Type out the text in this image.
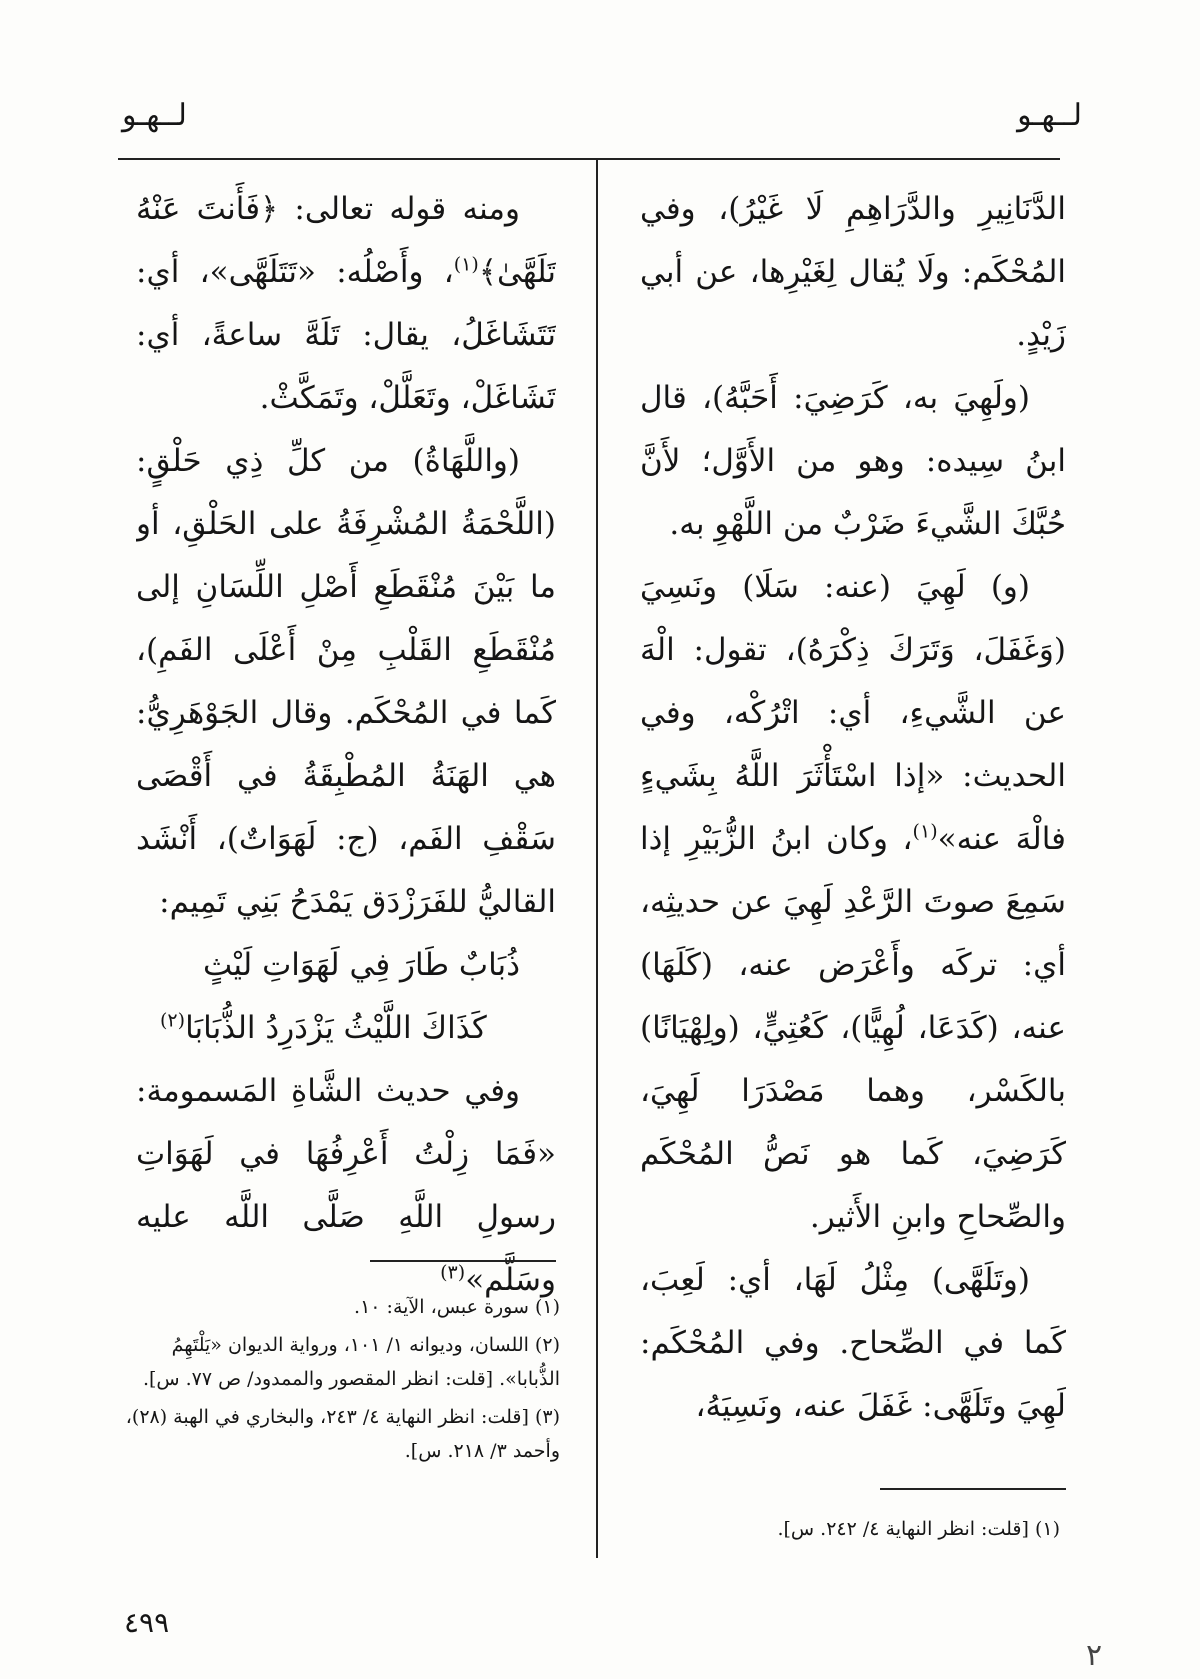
لــهـو
لــهـو

الدَّنَانِيرِ والدَّرَاهِمِ لَا غَيْرُ)، وفي المُحْكَم: ولَا يُقال لِغَيْرِها، عن أبي زَيْدٍ.

(ولَهِيَ به، كَرَضِيَ: أَحَبَّهُ)، قال ابنُ سِيده: وهو من الأَوَّل؛ لأَنَّ حُبَّكَ الشَّيءَ ضَرْبٌ من اللَّهْوِ به.

(و) لَهِيَ (عنه: سَلَا) ونَسِيَ (وَغَفَلَ، وَتَرَكَ ذِكْرَهُ)، تقول: الْهَ عن الشَّيءِ، أي: اتْرُكْه، وفي الحديث: «إذا اسْتَأْثَرَ اللَّهُ بِشَيءٍ فالْهَ عنه»$^{(١)}$، وكان ابنُ الزُّبَيْرِ إذا سَمِعَ صوتَ الرَّعْدِ لَهِيَ عن حديثِه، أي: تركَه وأَعْرَض عنه، (كَلَهَا) عنه، (كَدَعَا، لُهِيًّا)، كَعُتِيٍّ، (ولِهْيَانًا) بالكَسْر، وهما مَصْدَرَا لَهِيَ، كَرَضِيَ، كَما هو نَصُّ المُحْكَم والصِّحاحِ وابنِ الأَثير.

(وتَلَهَّى) مِثْلُ لَهَا، أي: لَعِبَ، كَما في الصِّحاح. وفي المُحْكَم: لَهِيَ وتَلَهَّى: غَفَلَ عنه، ونَسِيَهُ،

(١) [قلت: انظر النهاية ٤/ ٢٤٢. س].

ومنه قوله تعالى: ﴿فَأَنتَ عَنْهُ تَلَهَّىٰ﴾$^{(١)}$، وأَصْلُه: «تَتَلَهَّى»، أي: تَتَشَاغَلُ، يقال: تَلَهَّ ساعةً، أي: تَشَاغَلْ، وتَعَلَّلْ، وتَمَكَّثْ.

(واللَّهَاةُ) من كلِّ ذِي حَلْقٍ: (اللَّحْمَةُ المُشْرِفَةُ على الحَلْقِ، أو ما بَيْنَ مُنْقَطَعِ أَصْلِ اللِّسَانِ إلى مُنْقَطَعِ القَلْبِ مِنْ أَعْلَى الفَمِ)، كَما في المُحْكَم. وقال الجَوْهَرِيُّ: هي الهَنَةُ المُطْبِقَةُ في أَقْصَى سَقْفِ الفَم، (ج: لَهَوَاتٌ)، أَنْشَد القاليُّ للفَرَزْدَق يَمْدَحُ بَنِي تَمِيم:

ذُبَابٌ طَارَ فِي لَهَوَاتِ لَيْثٍ

كَذَاكَ اللَّيْثُ يَزْدَرِدُ الذُّبَابَا$^{(٢)}$

وفي حديث الشَّاةِ المَسمومة: «فَمَا زِلْتُ أَعْرِفُهَا في لَهَوَاتِ رسولِ اللَّهِ صَلَّى اللَّه عليه وسَلَّم»$^{(٣)}$

(١) سورة عبس، الآية: ١٠.

(٢) اللسان، وديوانه ١/ ١٠١، ورواية الديوان «يَلْتَهِمُ الذُّبابا». [قلت: انظر المقصور والممدود/ ص ٧٧. س].

(٣) [قلت: انظر النهاية ٤/ ٢٤٣، والبخاري في الهبة (٢٨)، وأحمد ٣/ ٢١٨. س].

٤٩٩
٢
